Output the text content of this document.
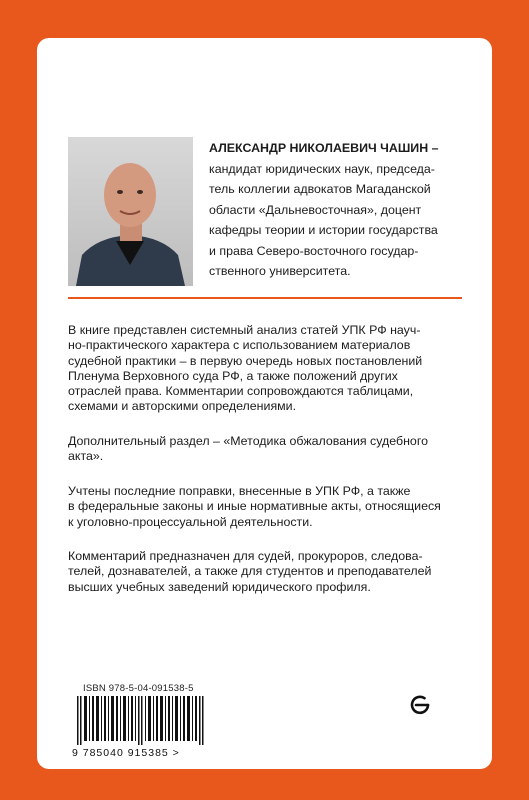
АЛЕКСАНДР НИКОЛАЕВИЧ ЧАШИН –
кандидат юридических наук, председа-
тель коллегии адвокатов Магаданской
области «Дальневосточная», доцент
кафедры теории и истории государства
и права Северо-восточного государ-
ственного университета.

В книге представлен системный анализ статей УПК РФ науч-
но-практического характера с использованием материалов
судебной практики – в первую очередь новых постановлений
Пленума Верховного суда РФ, а также положений других
отраслей права. Комментарии сопровождаются таблицами,
схемами и авторскими определениями.

Дополнительный раздел – «Методика обжалования судебного
акта».

Учтены последние поправки, внесенные в УПК РФ, а также
в федеральные законы и иные нормативные акты, относящиеся
к уголовно-процессуальной деятельности.

Комментарий предназначен для судей, прокуроров, следова-
телей, дознавателей, а также для студентов и преподавателей
высших учебных заведений юридического профиля.

ISBN 978-5-04-091538-5
9 785040 915385 >
